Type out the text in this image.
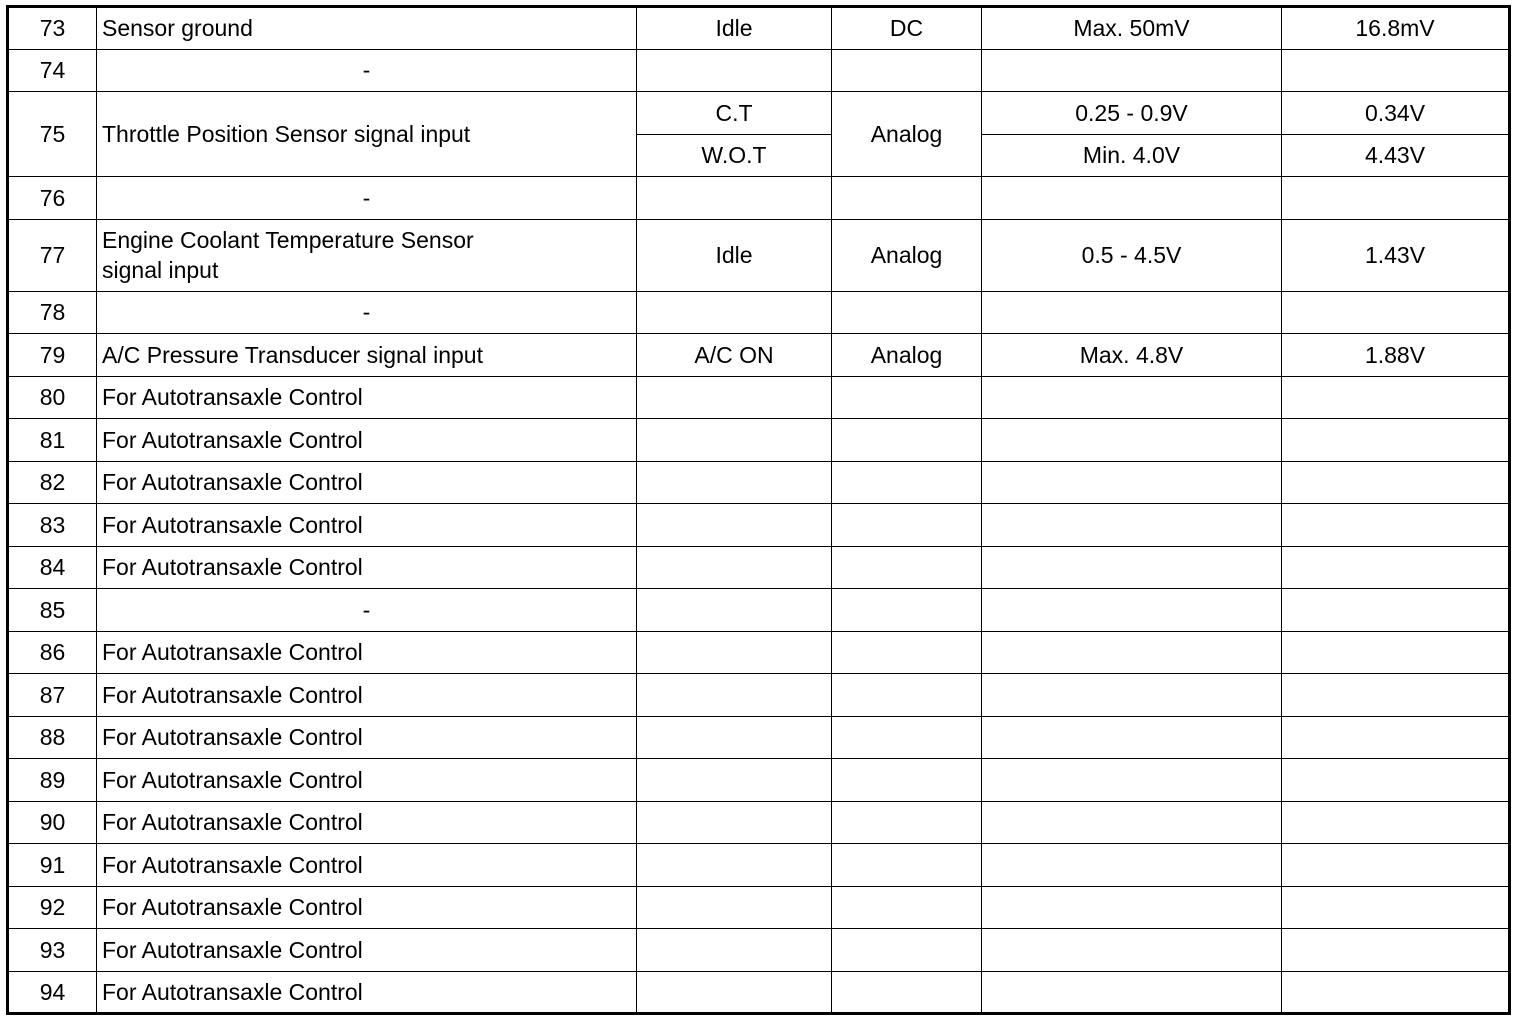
73	Sensor ground	Idle	DC	Max. 50mV	16.8mV
74	-				
75	Throttle Position Sensor signal input	C.T	Analog	0.25 - 0.9V	0.34V
		W.O.T		Min. 4.0V	4.43V
76	-				
77	Engine Coolant Temperature Sensor
signal input	Idle	Analog	0.5 - 4.5V	1.43V
78	-				
79	A/C Pressure Transducer signal input	A/C ON	Analog	Max. 4.8V	1.88V
80	For Autotransaxle Control				
81	For Autotransaxle Control				
82	For Autotransaxle Control				
83	For Autotransaxle Control				
84	For Autotransaxle Control				
85	-				
86	For Autotransaxle Control				
87	For Autotransaxle Control				
88	For Autotransaxle Control				
89	For Autotransaxle Control				
90	For Autotransaxle Control				
91	For Autotransaxle Control				
92	For Autotransaxle Control				
93	For Autotransaxle Control				
94	For Autotransaxle Control				
